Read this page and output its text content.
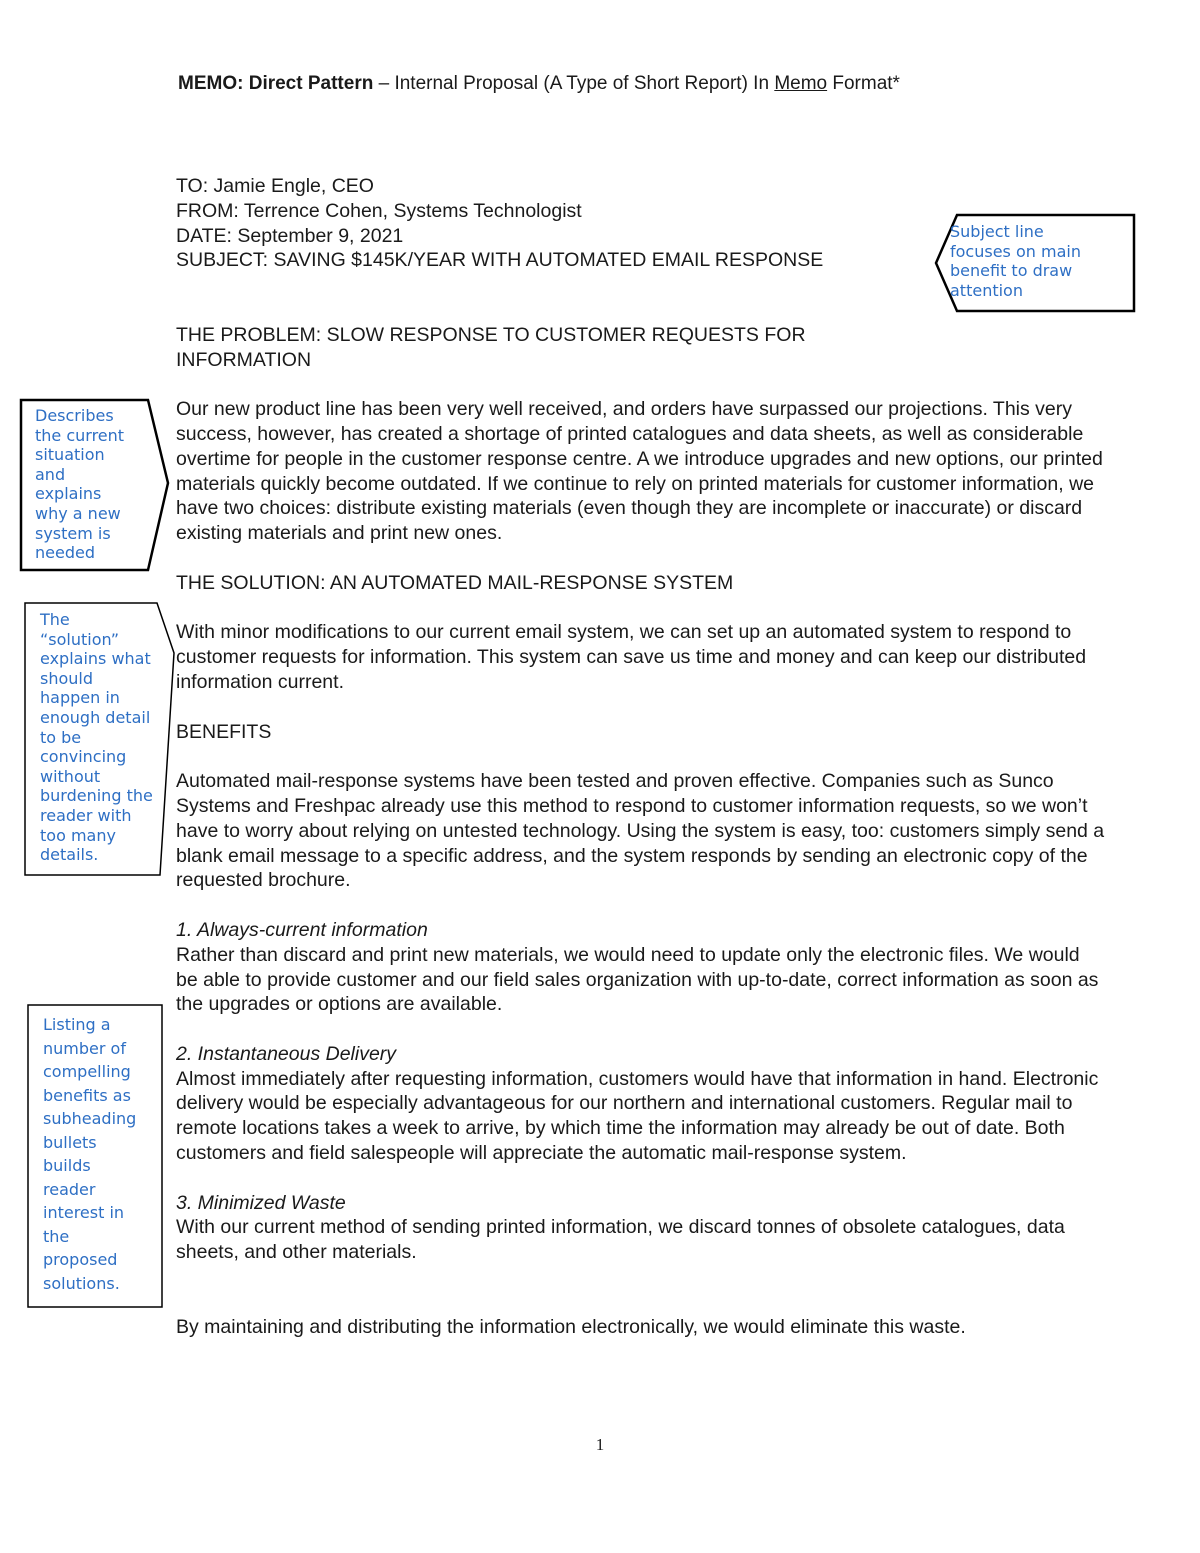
MEMO: Direct Pattern – Internal Proposal (A Type of Short Report) In Memo Format*

TO: Jamie Engle, CEO

FROM: Terrence Cohen, Systems Technologist

DATE: September 9, 2021

SUBJECT: SAVING $145K/YEAR WITH AUTOMATED EMAIL RESPONSE

THE PROBLEM: SLOW RESPONSE TO CUSTOMER REQUESTS FOR INFORMATION

Our new product line has been very well received, and orders have surpassed our projections. This very success, however, has created a shortage of printed catalogues and data sheets, as well as considerable overtime for people in the customer response centre. A we introduce upgrades and new options, our printed materials quickly become outdated. If we continue to rely on printed materials for customer information, we have two choices: distribute existing materials (even though they are incomplete or inaccurate) or discard existing materials and print new ones.

THE SOLUTION: AN AUTOMATED MAIL-RESPONSE SYSTEM

With minor modifications to our current email system, we can set up an automated system to respond to customer requests for information. This system can save us time and money and can keep our distributed information current.

BENEFITS

Automated mail-response systems have been tested and proven effective. Companies such as Sunco Systems and Freshpac already use this method to respond to customer information requests, so we won’t have to worry about relying on untested technology. Using the system is easy, too: customers simply send a blank email message to a specific address, and the system responds by sending an electronic copy of the requested brochure.

1. Always-current information

Rather than discard and print new materials, we would need to update only the electronic files. We would be able to provide customer and our field sales organization with up-to-date, correct information as soon as the upgrades or options are available.

2. Instantaneous Delivery

Almost immediately after requesting information, customers would have that information in hand. Electronic delivery would be especially advantageous for our northern and international customers. Regular mail to remote locations takes a week to arrive, by which time the information may already be out of date. Both customers and field salespeople will appreciate the automatic mail-response system.

3. Minimized Waste

With our current method of sending printed information, we discard tonnes of obsolete catalogues, data sheets, and other materials.

By maintaining and distributing the information electronically, we would eliminate this waste.

Subject line
focuses on main
benefit to draw
attention

Describes
the current
situation
and
explains
why a new
system is
needed

The
“solution”
explains what
should
happen in
enough detail
to be
convincing
without
burdening the
reader with
too many
details.

Listing a
number of
compelling
benefits as
subheading
bullets
builds
reader
interest in
the
proposed
solutions.

1
